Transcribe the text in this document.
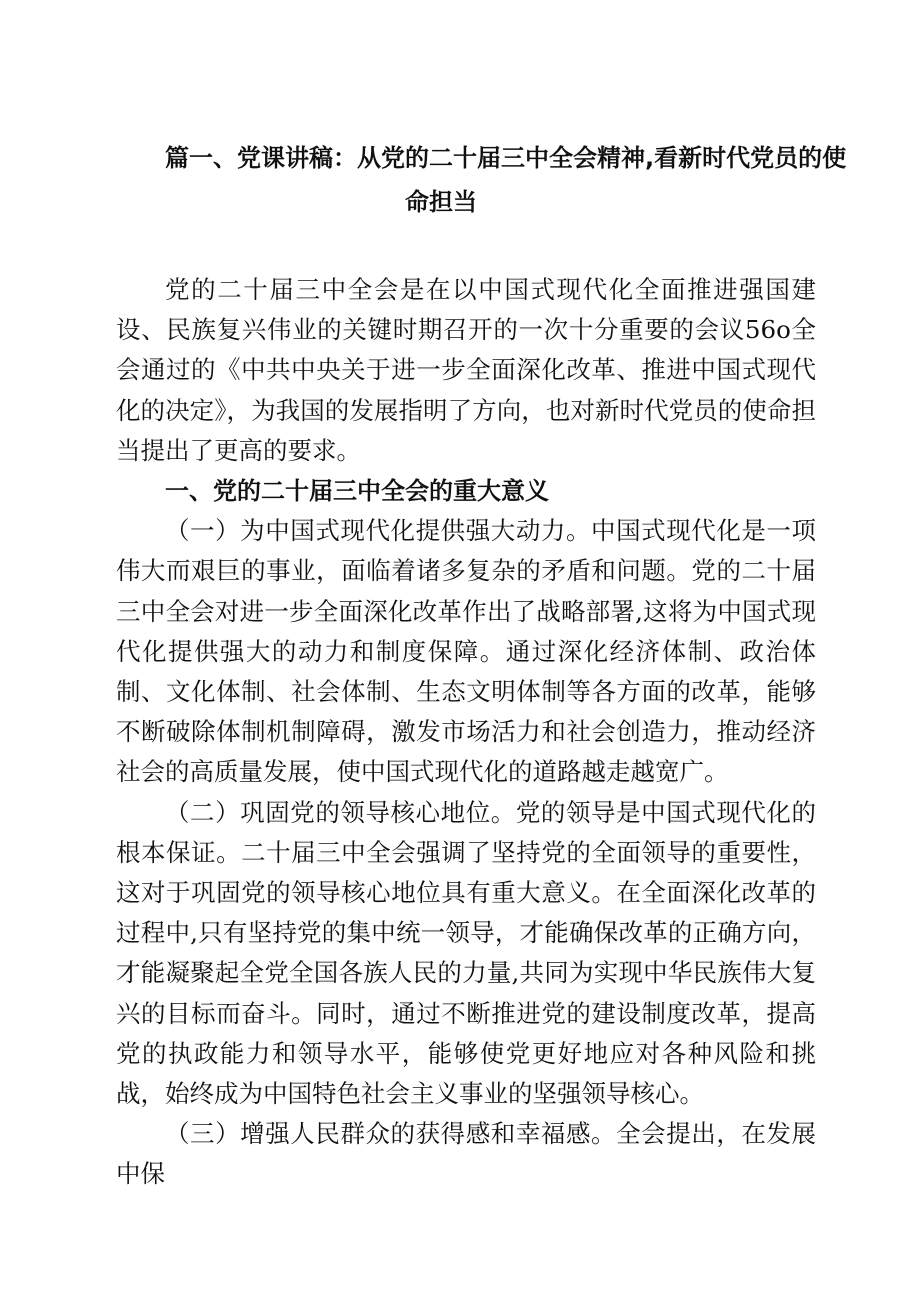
篇一、党课讲稿：从党的二十届三中全会精神,看新时代党员的使
命担当

党的二十届三中全会是在以中国式现代化全面推进强国建设、民族复兴伟业的关键时期召开的一次十分重要的会议56o全会通过的《中共中央关于进一步全面深化改革、推进中国式现代化的决定》，为我国的发展指明了方向，也对新时代党员的使命担当提出了更高的要求。

一、党的二十届三中全会的重大意义

（一）为中国式现代化提供强大动力。中国式现代化是一项伟大而艰巨的事业，面临着诸多复杂的矛盾和问题。党的二十届三中全会对进一步全面深化改革作出了战略部署,这将为中国式现代化提供强大的动力和制度保障。通过深化经济体制、政治体制、文化体制、社会体制、生态文明体制等各方面的改革，能够不断破除体制机制障碍，激发市场活力和社会创造力，推动经济社会的高质量发展，使中国式现代化的道路越走越宽广。

（二）巩固党的领导核心地位。党的领导是中国式现代化的根本保证。二十届三中全会强调了坚持党的全面领导的重要性，这对于巩固党的领导核心地位具有重大意义。在全面深化改革的过程中,只有坚持党的集中统一领导，才能确保改革的正确方向，才能凝聚起全党全国各族人民的力量,共同为实现中华民族伟大复兴的目标而奋斗。同时，通过不断推进党的建设制度改革，提高党的执政能力和领导水平，能够使党更好地应对各种风险和挑战，始终成为中国特色社会主义事业的坚强领导核心。

（三）增强人民群众的获得感和幸福感。全会提出，在发展中保
